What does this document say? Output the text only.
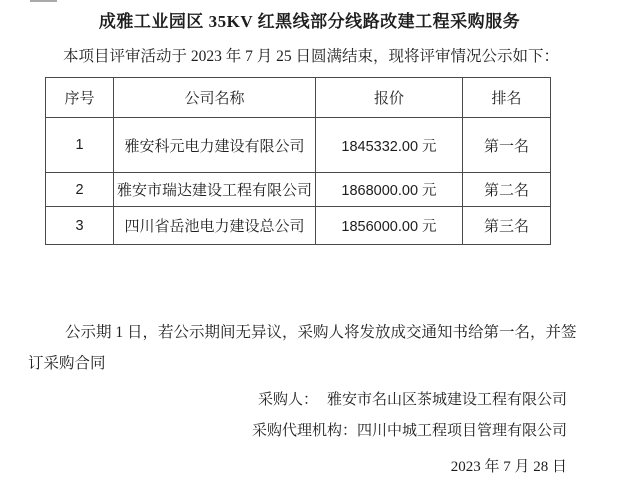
成雅工业园区 35KV 红黑线部分线路改建工程采购服务
本项目评审活动于 2023 年 7 月 25 日圆满结束，现将评审情况公示如下：
序号	公司名称	报价	排名
1	雅安科元电力建设有限公司	1845332.00 元	第一名
2	雅安市瑞达建设工程有限公司	1868000.00 元	第二名
3	四川省岳池电力建设总公司	1856000.00 元	第三名
公示期 1 日，若公示期间无异议，采购人将发放成交通知书给第一名，并签
订采购合同
采购人： 雅安市名山区茶城建设工程有限公司
采购代理机构：四川中城工程项目管理有限公司
2023 年 7 月 28 日
